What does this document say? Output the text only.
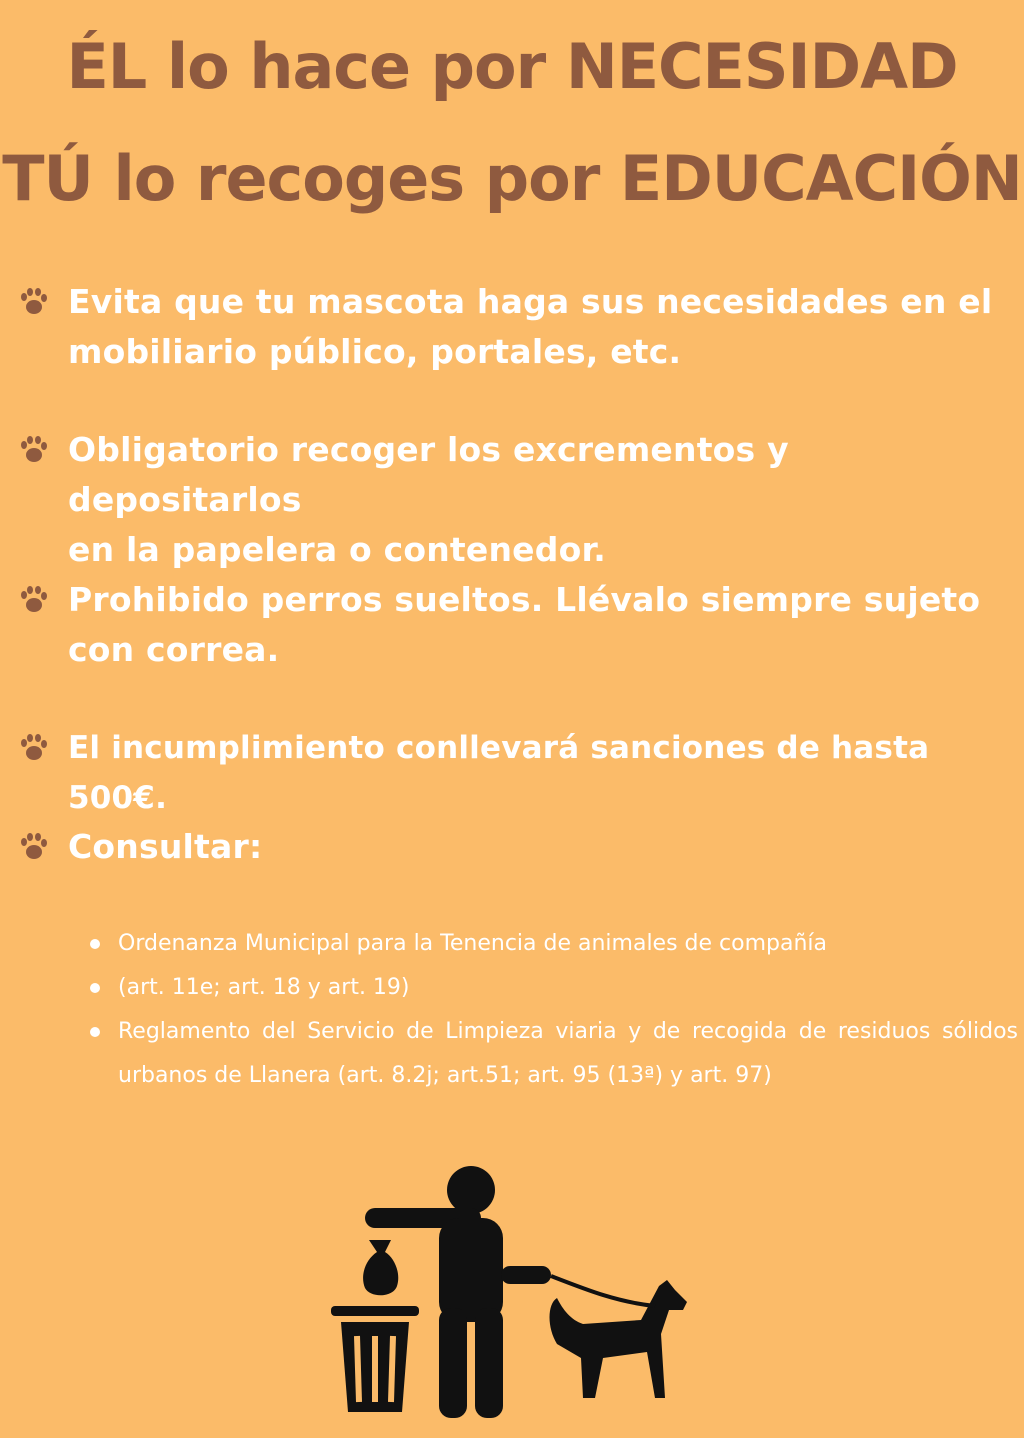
ÉL lo hace por NECESIDAD
TÚ lo recoges por EDUCACIÓN

Evita que tu mascota haga sus necesidades en el
mobiliario público, portales, etc.

Obligatorio recoger los excrementos y depositarlos
en la papelera o contenedor.

Prohibido perros sueltos. Llévalo siempre sujeto
con correa.

El incumplimiento conllevará sanciones de hasta 500€.

Consultar:

Ordenanza Municipal para la Tenencia de animales de compañía
(art. 11e; art. 18 y art. 19)
Reglamento del Servicio de Limpieza viaria y de recogida de residuos sólidos urbanos de Llanera (art. 8.2j; art.51; art. 95 (13ª) y art. 97)
